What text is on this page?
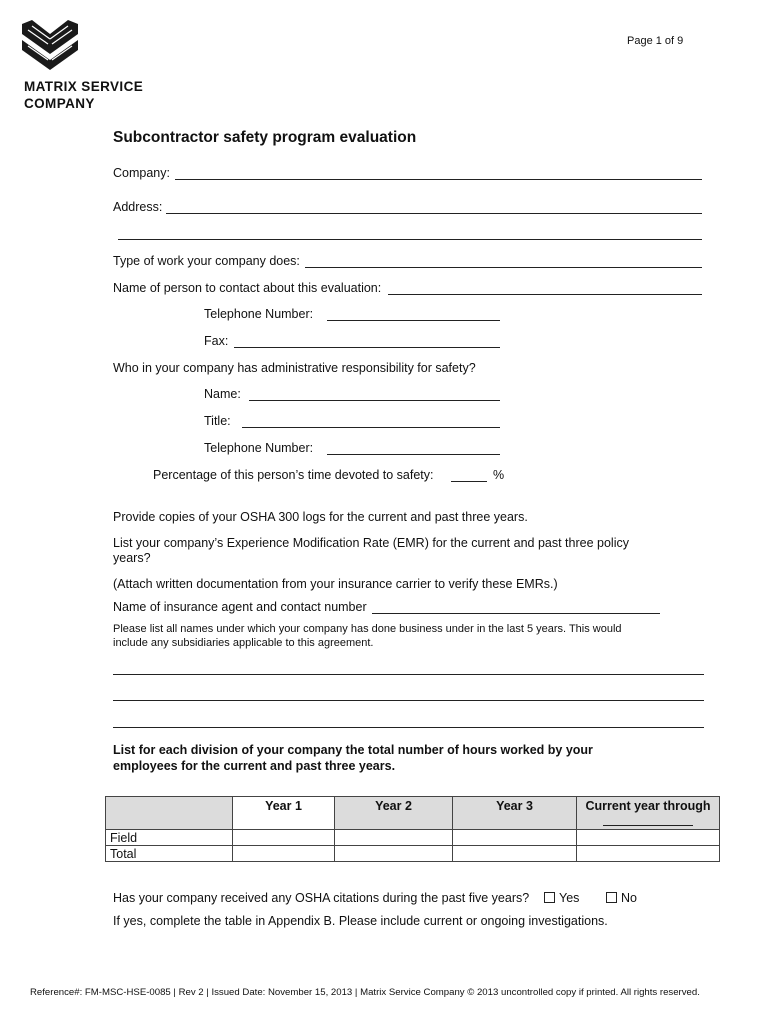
MATRIX SERVICE
COMPANY
Page 1 of 9
Subcontractor safety program evaluation
Company:
Address:
Type of work your company does:
Name of person to contact about this evaluation:
Telephone Number:
Fax:
Who in your company has administrative responsibility for safety?
Name:
Title:
Telephone Number:
Percentage of this person’s time devoted to safety:	%
Provide copies of your OSHA 300 logs for the current and past three years.
List your company’s Experience Modification Rate (EMR) for the current and past three policy
years?
(Attach written documentation from your insurance carrier to verify these EMRs.)
Name of insurance agent and contact number
Please list all names under which your company has done business under in the last 5 years. This would
include any subsidiaries applicable to this agreement.
List for each division of your company the total number of hours worked by your
employees for the current and past three years.
	Year 1	Year 2	Year 3	Current year through

Field				
Total				
Has your company received any OSHA citations during the past five years?	Yes	No
If yes, complete the table in Appendix B. Please include current or ongoing investigations.
Reference#: FM-MSC-HSE-0085 | Rev 2 | Issued Date: November 15, 2013 | Matrix Service Company © 2013 uncontrolled copy if printed. All rights reserved.
